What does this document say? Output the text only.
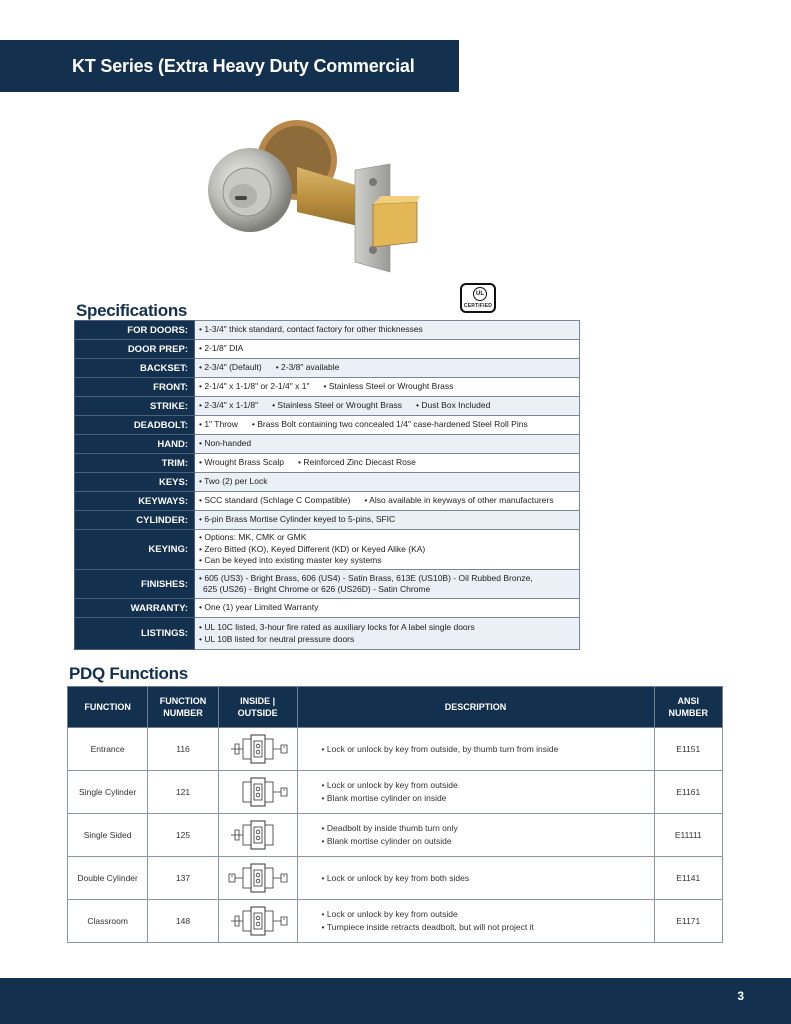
KT Series (Extra Heavy Duty Commercial Grade)
UL
CERTIFIED
Specifications
FOR DOORS:	• 1-3/4" thick standard, contact factory for other thicknesses

DOOR PREP:	• 2-1/8" DIA

BACKSET:	• 2-3/4" (Default) • 2-3/8" available

FRONT:	• 2-1/4" x 1-1/8" or 2-1/4" x 1" • Stainless Steel or Wrought Brass

STRIKE:	• 2-3/4" x 1-1/8" • Stainless Steel or Wrought Brass • Dust Box Included

DEADBOLT:	• 1" Throw • Brass Bolt containing two concealed 1/4" case-hardened Steel Roll Pins

HAND:	• Non-handed

TRIM:	• Wrought Brass Scalp • Reinforced Zinc Diecast Rose

KEYS:	• Two (2) per Lock

KEYWAYS:	• SCC standard (Schlage C Compatible) • Also available in keyways of other manufacturers

CYLINDER:	• 6-pin Brass Mortise Cylinder keyed to 5-pins, SFIC

KEYING:	• Options: MK, CMK or GMK
• Zero Bitted (KO), Keyed Different (KD) or Keyed Alike (KA)
• Can be keyed into existing master key systems

FINISHES:	• 605 (US3) - Bright Brass, 606 (US4) - Satin Brass, 613E (US10B) - Oil Rubbed Bronze,
625 (US26) - Bright Chrome or 626 (US26D) - Satin Chrome

WARRANTY:	• One (1) year Limited Warranty

LISTINGS:	• UL 10C listed, 3-hour fire rated as auxiliary locks for A label single doors
• UL 10B listed for neutral pressure doors
PDQ Functions
FUNCTION	FUNCTION NUMBER	INSIDE | OUTSIDE	DESCRIPTION	ANSI NUMBER
Entrance	116		• Lock or unlock by key from outside, by thumb turn from inside	E1151
Single Cylinder	121		• Lock or unlock by key from outside
• Blank mortise cylinder on inside	E1161
Single Sided	125		• Deadbolt by inside thumb turn only
• Blank mortise cylinder on outside	E11111
Double Cylinder	137		• Lock or unlock by key from both sides	E1141
Classroom	148		• Lock or unlock by key from outside
• Turnpiece inside retracts deadbolt, but will not project it	E1171
3
